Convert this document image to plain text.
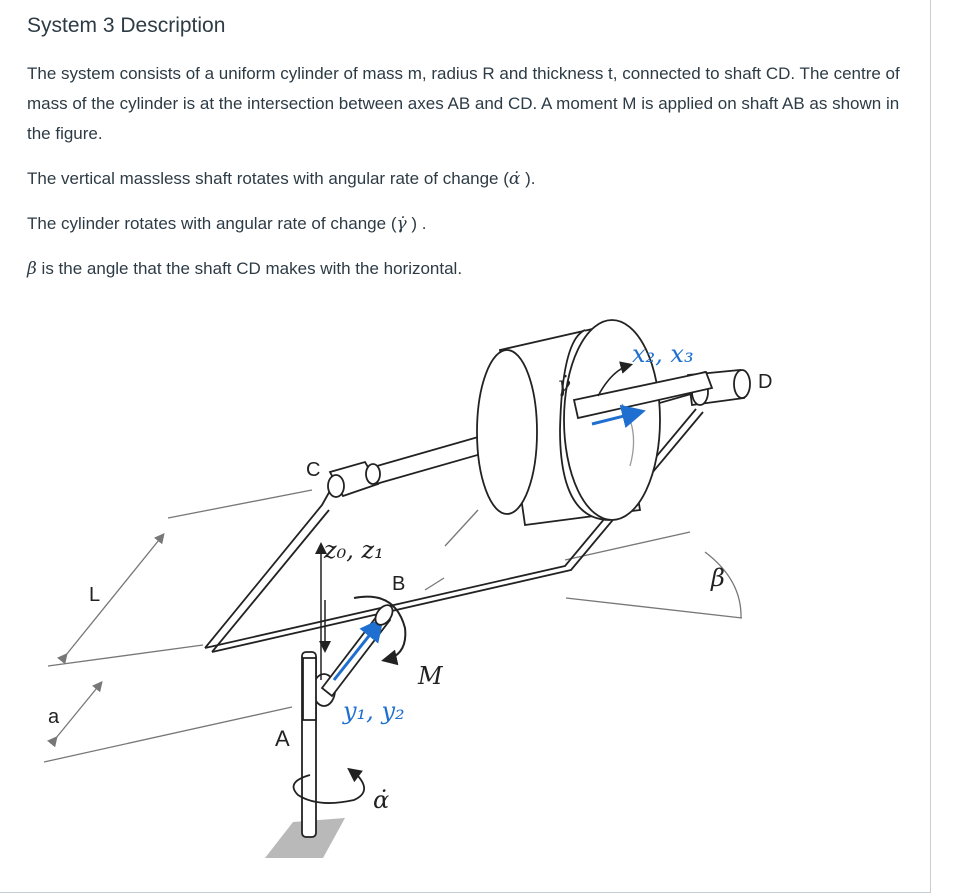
System 3 Description

The system consists of a uniform cylinder of mass m, radius R and thickness t, connected to shaft CD. The centre of mass of the cylinder is at the intersection between axes AB and CD. A moment M is applied on shaft AB as shown in the figure.

The vertical massless shaft rotates with angular rate of change (α̇ ).

The cylinder rotates with angular rate of change (γ̇ ) .

β is the angle that the shaft CD makes with the horizontal.

x₂, x₃
D
γ̇
C
z₀, z₁
B
L
β
M
y₁, y₂
a
A
α̇
